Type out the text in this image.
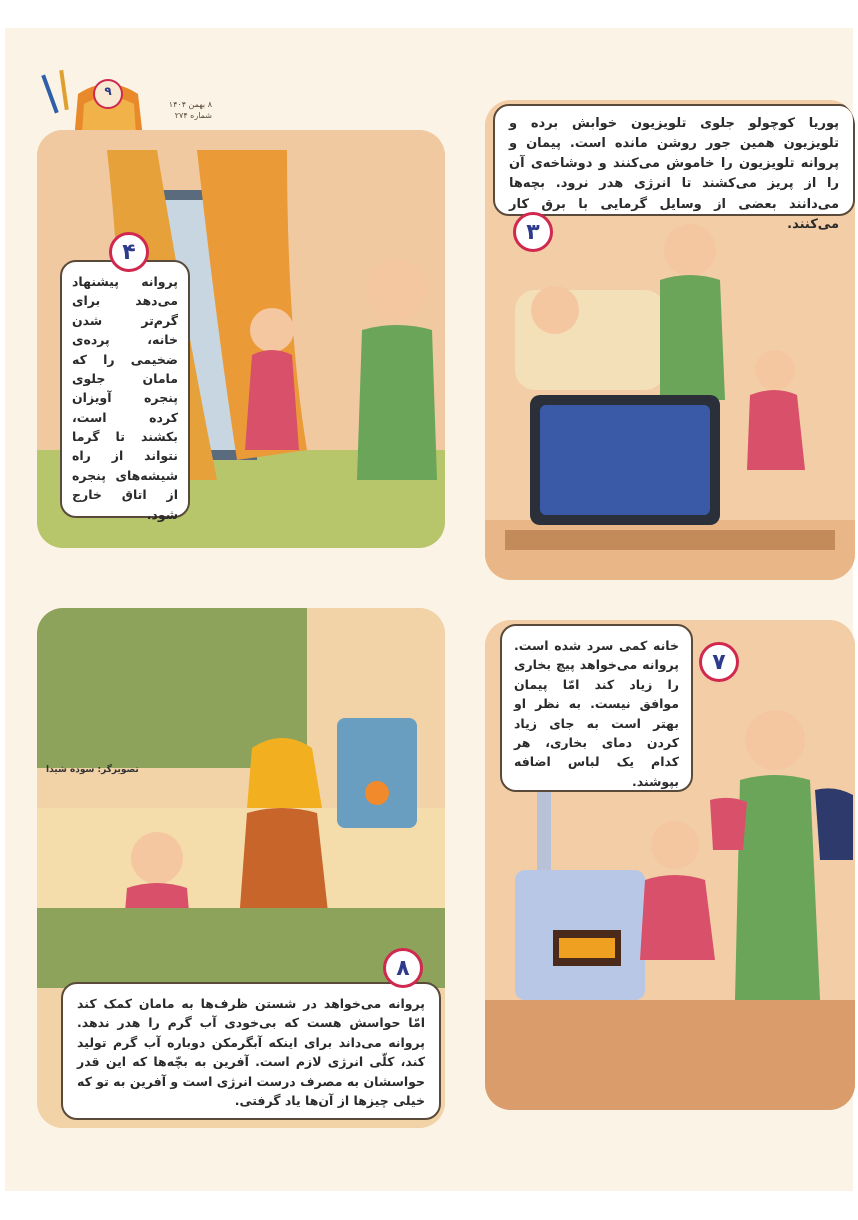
۹
۸ بهمن ۱۴۰۴
شماره ۲۷۴
پروانه پیشنهاد می‌دهد برای گرم‌تر شدن خانه، پرده‌ی ضخیمی را که مامان جلوی پنجره آویزان کرده است، بکشند تا گرما نتواند از راه شیشه‌های پنجره از اتاق خارج شود.
۴
پوریا کوچولو جلوی تلویزیون خوابش برده و تلویزیون همین جور روشن مانده است. پیمان و پروانه تلویزیون را خاموش می‌کنند و دوشاخه‌ی آن را از پریز می‌کشند تا انرژی هدر نرود. بچه‌ها می‌دانند بعضی از وسایل گرمایی با برق کار می‌کنند.
۳
پروانه می‌خواهد در شستن ظرف‌ها به مامان کمک کند امّا حواسش هست که بی‌خودی آب گرم را هدر ندهد. پروانه می‌داند برای اینکه آبگرمکن دوباره آب گرم تولید کند، کلّی انرژی لازم است. آفرین به بچّه‌ها که این قدر حواسشان به مصرف درست انرژی است و آفرین به تو که خیلی چیزها از آن‌ها یاد گرفتی.
۸
تصویرگر: سوده شیدا
خانه کمی سرد شده است. پروانه می‌خواهد پیچ بخاری را زیاد کند امّا پیمان موافق نیست. به نظر او بهتر است به جای زیاد کردن دمای بخاری، هر کدام یک لباس اضافه بپوشند.
۷
